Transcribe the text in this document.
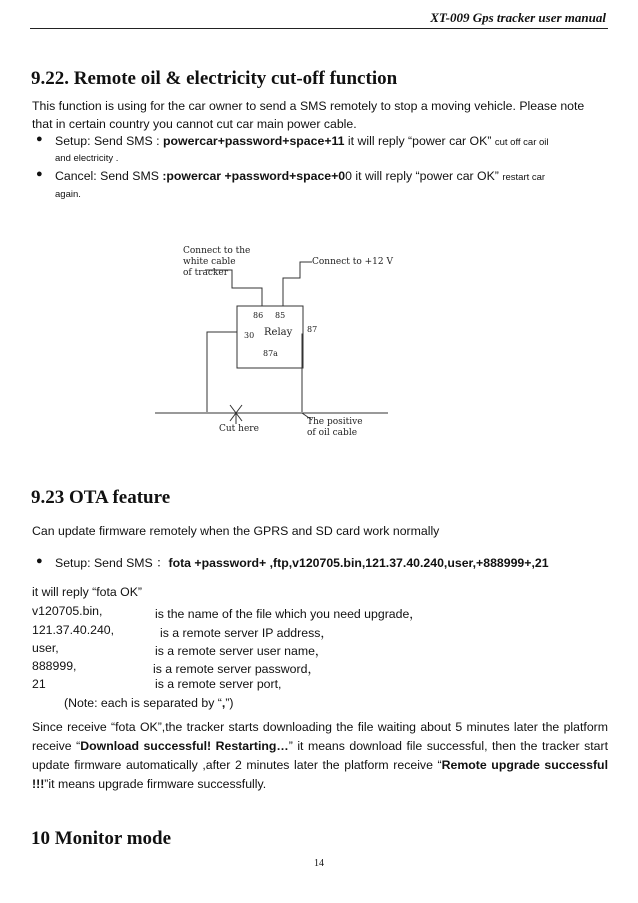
XT-009 Gps tracker user manual
9.22. Remote oil & electricity cut-off function
This function is using for the car owner to send a SMS remotely to stop a moving vehicle. Please note
that in certain country you cannot cut car main power cable.
● Setup: Send SMS : powercar+password+space+11 it will reply “power car OK” cut off car oil
and electricity .
● Cancel: Send SMS :powercar +password+space+00 it will reply “power car OK” restart car
again.
Connect to the
white cable
of tracker
Connect to +12 V
86 85
30 Relay
87a
87
Cut here
The positive
of oil cable
9.23 OTA feature
Can update firmware remotely when the GPRS and SD card work normally
● Setup: Send SMS ：fota +password+ ,ftp,v120705.bin,121.37.40.240,user,+888999+,21
it will reply “fota OK”
v120705.bin,	is the name of the file which you need upgrade，
121.37.40.240,	is a remote server IP address，
user,	is a remote server user name，
888999,	is a remote server password，
21	is a remote server port,
(Note: each is separated by “,”)
Since receive “fota OK”,the tracker starts downloading the file waiting about 5 minutes later the platform receive “Download successful! Restarting…” it means download file successful, then the tracker start update firmware automatically ,after 2 minutes later the platform receive “Remote upgrade successful !!!”it means upgrade firmware successfully.
10 Monitor mode
14
